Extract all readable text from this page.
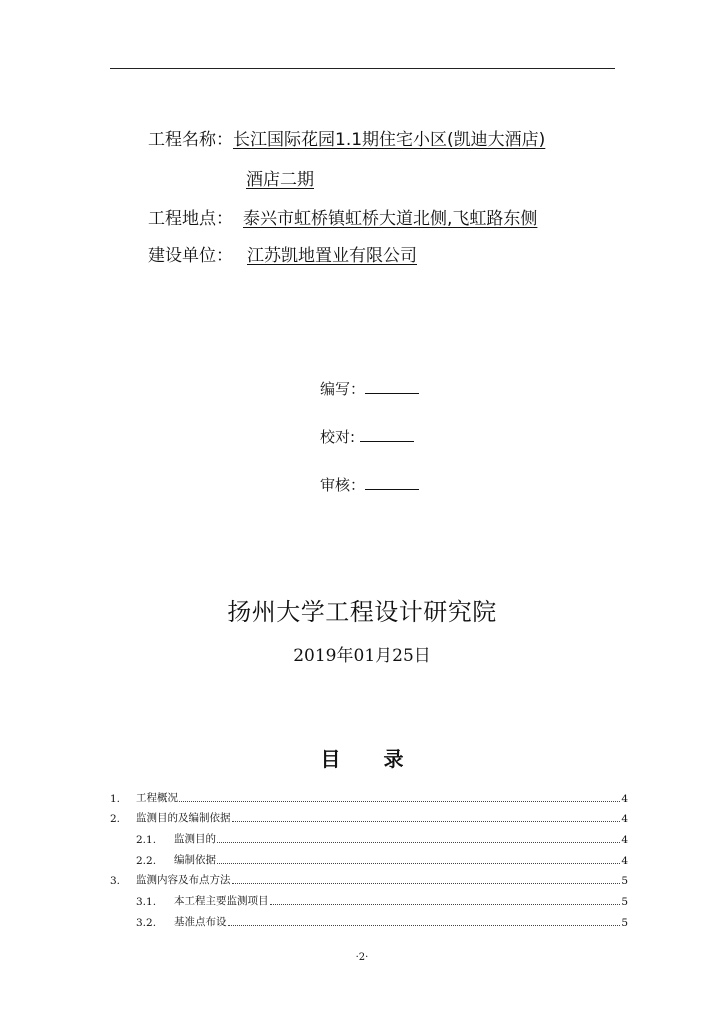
工程名称：长江国际花园1.1期住宅小区(凯迪大酒店)
酒店二期
工程地点： 泰兴市虹桥镇虹桥大道北侧,飞虹路东侧
建设单位： 江苏凯地置业有限公司
编写：
校对:
审核：
扬州大学工程设计研究院
2019年01月25日
目 录
1.	工程概况	4
2.	监测目的及编制依据	4
2.1.	监测目的	4
2.2.	编制依据	4
3.	监测内容及布点方法	5
3.1.	本工程主要监测项目	5
3.2.	基准点布设	5
·2·
